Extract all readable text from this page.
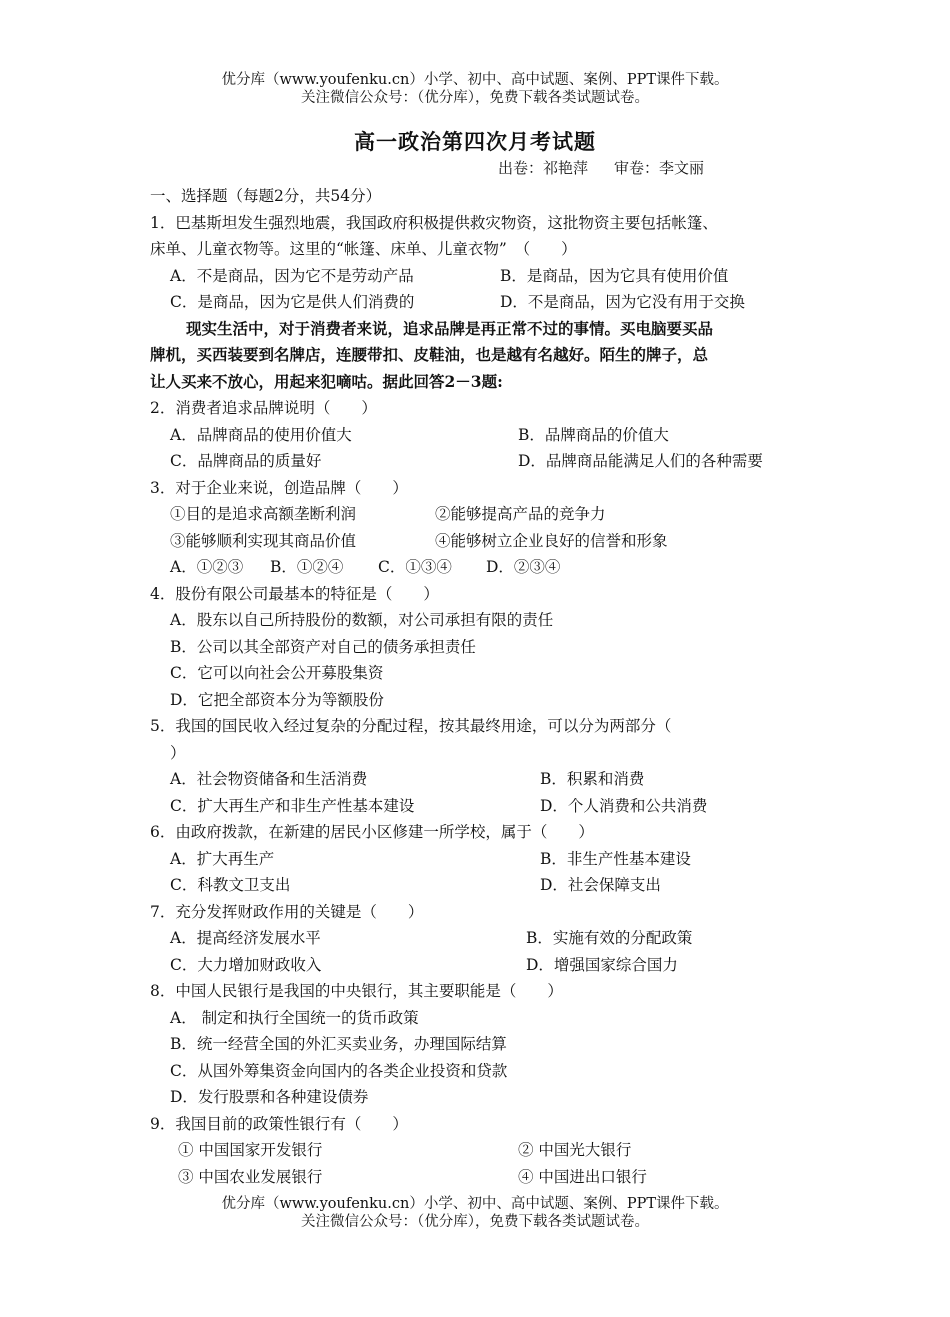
优分库（www.youfenku.cn）小学、初中、高中试题、案例、PPT课件下载。
关注微信公众号：（优分库），免费下载各类试题试卷。
高一政治第四次月考试题
出卷：祁艳萍 审卷：李文丽
一、选择题（每题2分，共54分）
1．巴基斯坦发生强烈地震，我国政府积极提供救灾物资，这批物资主要包括帐篷、
床单、儿童衣物等。这里的“帐篷、床单、儿童衣物”　（　　）
A．不是商品，因为它不是劳动产品	B．是商品，因为它具有使用价值
C．是商品，因为它是供人们消费的	D．不是商品，因为它没有用于交换
现实生活中，对于消费者来说，追求品牌是再正常不过的事情。买电脑要买品
牌机，买西装要到名牌店，连腰带扣、皮鞋油，也是越有名越好。陌生的牌子，总
让人买来不放心，用起来犯嘀咕。据此回答2－3题:
2．消费者追求品牌说明（　　）
A．品牌商品的使用价值大	B．品牌商品的价值大
C．品牌商品的质量好	D．品牌商品能满足人们的各种需要
3．对于企业来说，创造品牌（　　）
①目的是追求高额垄断利润	②能够提高产品的竞争力
③能够顺利实现其商品价值	④能够树立企业良好的信誉和形象
A．①②③ B．①②④ C．①③④ D．②③④
4．股份有限公司最基本的特征是（　　）
A．股东以自己所持股份的数额，对公司承担有限的责任
B．公司以其全部资产对自己的债务承担责任
C．它可以向社会公开募股集资
D．它把全部资本分为等额股份
5．我国的国民收入经过复杂的分配过程，按其最终用途，可以分为两部分（
）
A．社会物资储备和生活消费	B．积累和消费
C．扩大再生产和非生产性基本建设	D．个人消费和公共消费
6．由政府拨款，在新建的居民小区修建一所学校，属于（　　）
A．扩大再生产	B．非生产性基本建设
C．科教文卫支出	D．社会保障支出
7．充分发挥财政作用的关键是（　　）
A．提高经济发展水平	B．实施有效的分配政策
C．大力增加财政收入	D．增强国家综合国力
8．中国人民银行是我国的中央银行，其主要职能是（　　）
A． 制定和执行全国统一的货币政策
B．统一经营全国的外汇买卖业务，办理国际结算
C．从国外筹集资金向国内的各类企业投资和贷款
D．发行股票和各种建设债券
9．我国目前的政策性银行有（　　）
① 中国国家开发银行	② 中国光大银行
③ 中国农业发展银行	④ 中国进出口银行
优分库（www.youfenku.cn）小学、初中、高中试题、案例、PPT课件下载。
关注微信公众号：（优分库），免费下载各类试题试卷。
